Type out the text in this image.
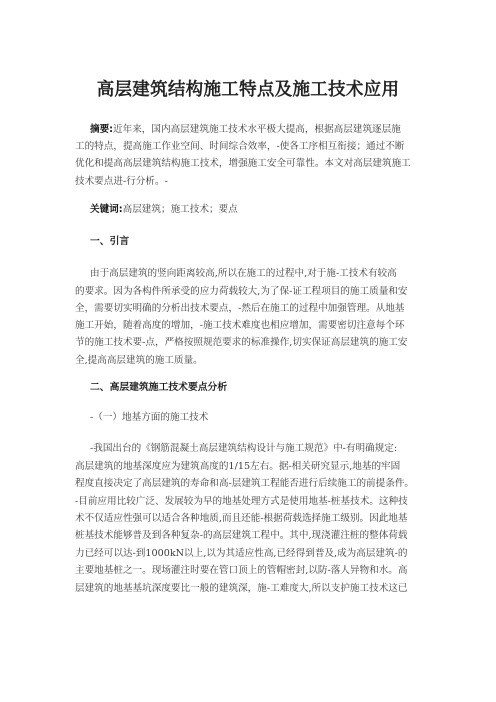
高层建筑结构施工特点及施工技术应用
摘要:近年来，国内高层建筑施工技术水平极大提高，根据高层建筑逐层施
工的特点，提高施工作业空间、时间综合效率，-使各工序相互衔接；通过不断
优化和提高高层建筑结构施工技术，增强施工安全可靠性。本文对高层建筑施工
技术要点进-行分析。-
关键词:高层建筑；施工技术；要点
一、引言
由于高层建筑的竖向距离较高,所以在施工的过程中,对于施-工技术有较高
的要求。因为各构件所承受的应力荷载较大,为了保-证工程项目的施工质量和安
全，需要切实明确的分析出技术要点，-然后在施工的过程中加强管理。从地基
施工开始，随着高度的增加，-施工技术难度也相应增加，需要密切注意每个环
节的施工技术要-点，严格按照规范要求的标准操作,切实保证高层建筑的施工安
全,提高高层建筑的施工质量。
二、高层建筑施工技术要点分析
-（一）地基方面的施工技术
-我国出台的《钢筋混凝土高层建筑结构设计与施工规范》中-有明确规定:
高层建筑的地基深度应为建筑高度的1/15左右。据-相关研究显示,地基的牢固
程度直接决定了高层建筑的寿命和高-层建筑工程能否进行后续施工的前提条件。
-目前应用比较广泛、发展较为早的地基处理方式是使用地基-桩基技术。这种技
术不仅适应性强可以适合各种地质,而且还能-根据荷载选择施工级别。因此地基
桩基技术能够普及到各种复杂-的高层建筑工程中。其中,现浇灌注桩的整体荷载
力已经可以达-到1000kN以上,以为其适应性高,已经得到普及,成为高层建筑-的
主要地基桩之一。现场灌注时要在管口顶上的管帽密封,以防-落人异物和水。高
层建筑的地基基坑深度要比一般的建筑深，施-工难度大,所以支护施工技术这已
